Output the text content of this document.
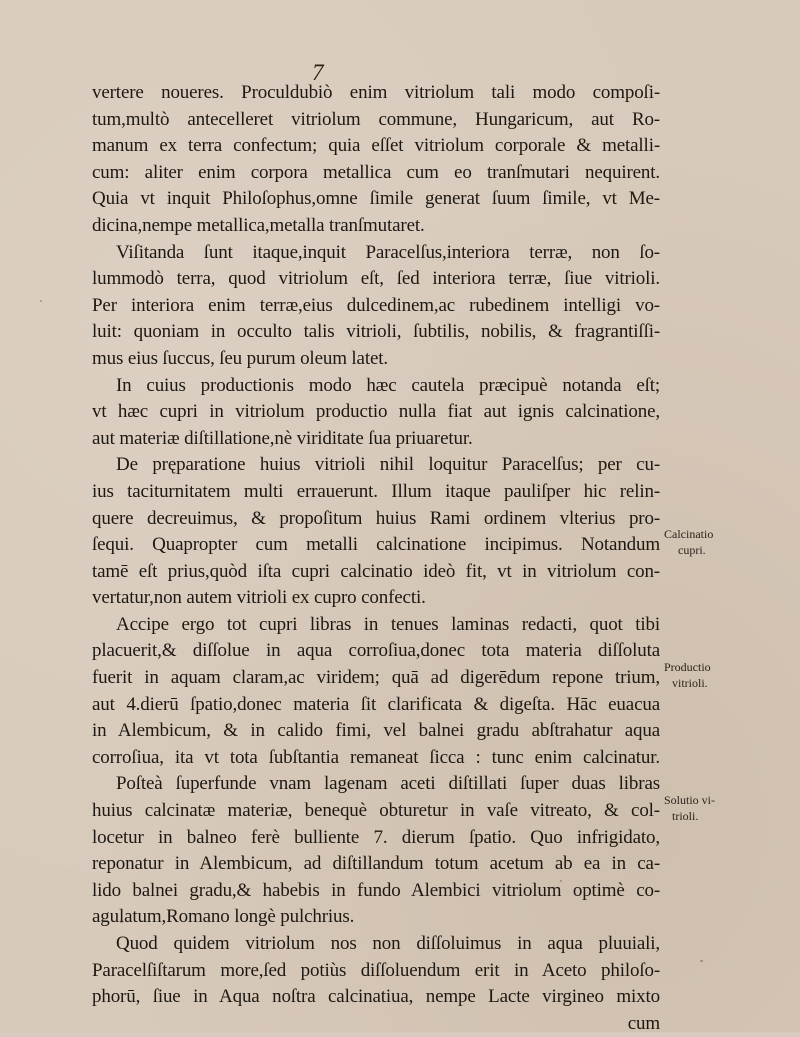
7
vertere noueres. Proculdubiò enim vitriolum tali modo compoſi-
tum,multò antecelleret vitriolum commune, Hungaricum, aut Ro-
manum ex terra confectum; quia eſſet vitriolum corporale & metalli-
cum: aliter enim corpora metallica cum eo tranſmutari nequirent.
Quia vt inquit Philoſophus,omne ſimile generat ſuum ſimile, vt Me-
dicina,nempe metallica,metalla tranſmutaret.
Viſitanda ſunt itaque,inquit Paracelſus,interiora terræ, non ſo-
lummodò terra, quod vitriolum eſt, ſed interiora terræ, ſiue vitrioli.
Per interiora enim terræ,eius dulcedinem,ac rubedinem intelligi vo-
luit: quoniam in occulto talis vitrioli, ſubtilis, nobilis, & fragrantiſſi-
mus eius ſuccus, ſeu purum oleum latet.
In cuius productionis modo hæc cautela præcipuè notanda eſt;
vt hæc cupri in vitriolum productio nulla fiat aut ignis calcinatione,
aut materiæ diſtillatione,nè viriditate ſua priuaretur.
De pręparatione huius vitrioli nihil loquitur Paracelſus; per cu-
ius taciturnitatem multi errauerunt. Illum itaque pauliſper hic relin-
quere decreuimus, & propoſitum huius Rami ordinem vlterius pro-
ſequi. Quapropter cum metalli calcinatione incipimus. Notandum
tamē eſt prius,quòd iſta cupri calcinatio ideò fit, vt in vitriolum con-
vertatur,non autem vitrioli ex cupro confecti.
Accipe ergo tot cupri libras in tenues laminas redacti, quot tibi
placuerit,& diſſolue in aqua corroſiua,donec tota materia diſſoluta
fuerit in aquam claram,ac viridem; quā ad digerēdum repone trium,
aut 4.dierū ſpatio,donec materia ſit clarificata & digeſta. Hāc euacua
in Alembicum, & in calido fimi, vel balnei gradu abſtrahatur aqua
corroſiua, ita vt tota ſubſtantia remaneat ſicca : tunc enim calcinatur.
Poſteà ſuperfunde vnam lagenam aceti diſtillati ſuper duas libras
huius calcinatæ materiæ, benequè obturetur in vaſe vitreato, & col-
locetur in balneo ferè bulliente 7. dierum ſpatio. Quo infrigidato,
reponatur in Alembicum, ad diſtillandum totum acetum ab ea in ca-
lido balnei gradu,& habebis in fundo Alembici vitriolum optimè co-
agulatum,Romano longè pulchrius.
Quod quidem vitriolum nos non diſſoluimus in aqua pluuiali,
Paracelſiſtarum more,ſed potiùs diſſoluendum erit in Aceto philoſo-
phorū, ſiue in Aqua noſtra calcinatiua, nempe Lacte virgineo mixto
cum
Calcinatio
cupri.
Productio
vitrioli.
Solutio vi-
trioli.
